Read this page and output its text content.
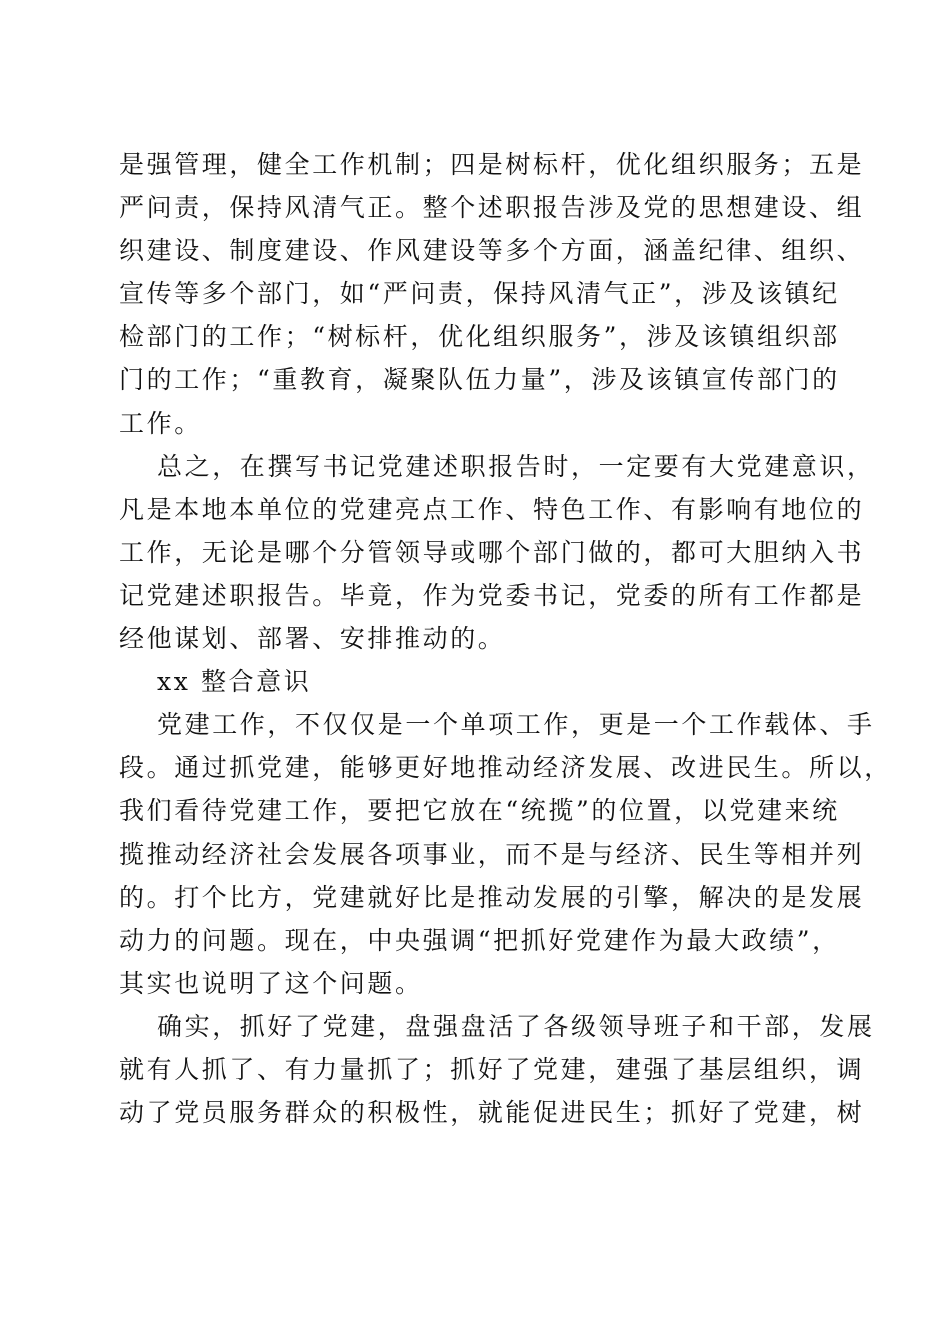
是强管理，健全工作机制；四是树标杆，优化组织服务；五是
严问责，保持风清气正。整个述职报告涉及党的思想建设、组
织建设、制度建设、作风建设等多个方面，涵盖纪律、组织、
宣传等多个部门，如“严问责，保持风清气正”，涉及该镇纪
检部门的工作；“树标杆，优化组织服务”，涉及该镇组织部
门的工作；“重教育，凝聚队伍力量”，涉及该镇宣传部门的
工作。
总之，在撰写书记党建述职报告时，一定要有大党建意识，
凡是本地本单位的党建亮点工作、特色工作、有影响有地位的
工作，无论是哪个分管领导或哪个部门做的，都可大胆纳入书
记党建述职报告。毕竟，作为党委书记，党委的所有工作都是
经他谋划、部署、安排推动的。
xx 整合意识
党建工作，不仅仅是一个单项工作，更是一个工作载体、手
段。通过抓党建，能够更好地推动经济发展、改进民生。所以，
我们看待党建工作，要把它放在“统揽”的位置，以党建来统
揽推动经济社会发展各项事业，而不是与经济、民生等相并列
的。打个比方，党建就好比是推动发展的引擎，解决的是发展
动力的问题。现在，中央强调“把抓好党建作为最大政绩”，
其实也说明了这个问题。
确实，抓好了党建，盘强盘活了各级领导班子和干部，发展
就有人抓了、有力量抓了；抓好了党建，建强了基层组织，调
动了党员服务群众的积极性，就能促进民生；抓好了党建，树
